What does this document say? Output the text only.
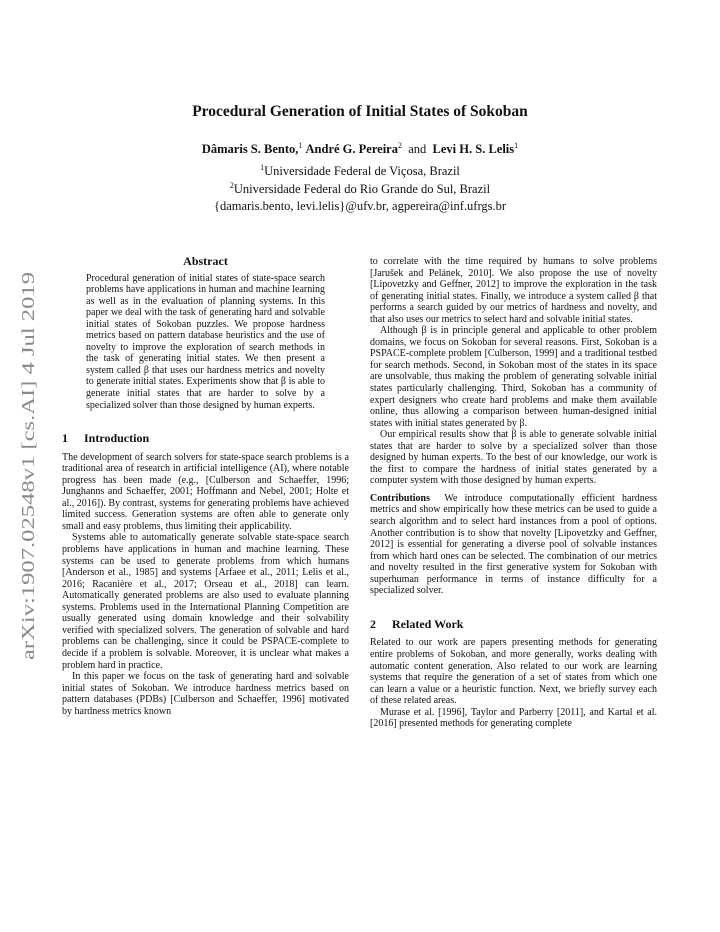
arXiv:1907.02548v1 [cs.AI] 4 Jul 2019
Procedural Generation of Initial States of Sokoban
Dâmaris S. Bento,$^1$ André G. Pereira$^2$ and Levi H. S. Lelis$^1$
$^1$Universidade Federal de Viçosa, Brazil
$^2$Universidade Federal do Rio Grande do Sul, Brazil
{damaris.bento, levi.lelis}@ufv.br, agpereira@inf.ufrgs.br
Abstract

Procedural generation of initial states of state-space search problems have applications in human and machine learning as well as in the evaluation of planning systems. In this paper we deal with the task of generating hard and solvable initial states of Sokoban puzzles. We propose hardness metrics based on pattern database heuristics and the use of novelty to improve the exploration of search methods in the task of generating initial states. We then present a system called β that uses our hardness metrics and novelty to generate initial states. Experiments show that β is able to generate initial states that are harder to solve by a specialized solver than those designed by human experts.

1 Introduction

The development of search solvers for state-space search problems is a traditional area of research in artificial intelligence (AI), where notable progress has been made (e.g., [Culberson and Schaeffer, 1996; Junghanns and Schaeffer, 2001; Hoffmann and Nebel, 2001; Holte et al., 2016]). By contrast, systems for generating problems have achieved limited success. Generation systems are often able to generate only small and easy problems, thus limiting their applicability.

Systems able to automatically generate solvable state-space search problems have applications in human and machine learning. These systems can be used to generate problems from which humans [Anderson et al., 1985] and systems [Arfaee et al., 2011; Lelis et al., 2016; Racanière et al., 2017; Orseau et al., 2018] can learn. Automatically generated problems are also used to evaluate planning systems. Problems used in the International Planning Competition are usually generated using domain knowledge and their solvability verified with specialized solvers. The generation of solvable and hard problems can be challenging, since it could be PSPACE-complete to decide if a problem is solvable. Moreover, it is unclear what makes a problem hard in practice.

In this paper we focus on the task of generating hard and solvable initial states of Sokoban. We introduce hardness metrics based on pattern databases (PDBs) [Culberson and Schaeffer, 1996] motivated by hardness metrics known

to correlate with the time required by humans to solve problems [Jarušek and Pelánek, 2010]. We also propose the use of novelty [Lipovetzky and Geffner, 2012] to improve the exploration in the task of generating initial states. Finally, we introduce a system called β that performs a search guided by our metrics of hardness and novelty, and that also uses our metrics to select hard and solvable initial states.

Although β is in principle general and applicable to other problem domains, we focus on Sokoban for several reasons. First, Sokoban is a PSPACE-complete problem [Culberson, 1999] and a traditional testbed for search methods. Second, in Sokoban most of the states in its space are unsolvable, thus making the problem of generating solvable initial states particularly challenging. Third, Sokoban has a community of expert designers who create hard problems and make them available online, thus allowing a comparison between human-designed initial states with initial states generated by β.

Our empirical results show that β is able to generate solvable initial states that are harder to solve by a specialized solver than those designed by human experts. To the best of our knowledge, our work is the first to compare the hardness of initial states generated by a computer system with those designed by human experts.

Contributions We introduce computationally efficient hardness metrics and show empirically how these metrics can be used to guide a search algorithm and to select hard instances from a pool of options. Another contribution is to show that novelty [Lipovetzky and Geffner, 2012] is essential for generating a diverse pool of solvable instances from which hard ones can be selected. The combination of our metrics and novelty resulted in the first generative system for Sokoban with superhuman performance in terms of instance difficulty for a specialized solver.

2 Related Work

Related to our work are papers presenting methods for generating entire problems of Sokoban, and more generally, works dealing with automatic content generation. Also related to our work are learning systems that require the generation of a set of states from which one can learn a value or a heuristic function. Next, we briefly survey each of these related areas.

Murase et al. [1996], Taylor and Parberry [2011], and Kartal et al. [2016] presented methods for generating complete
